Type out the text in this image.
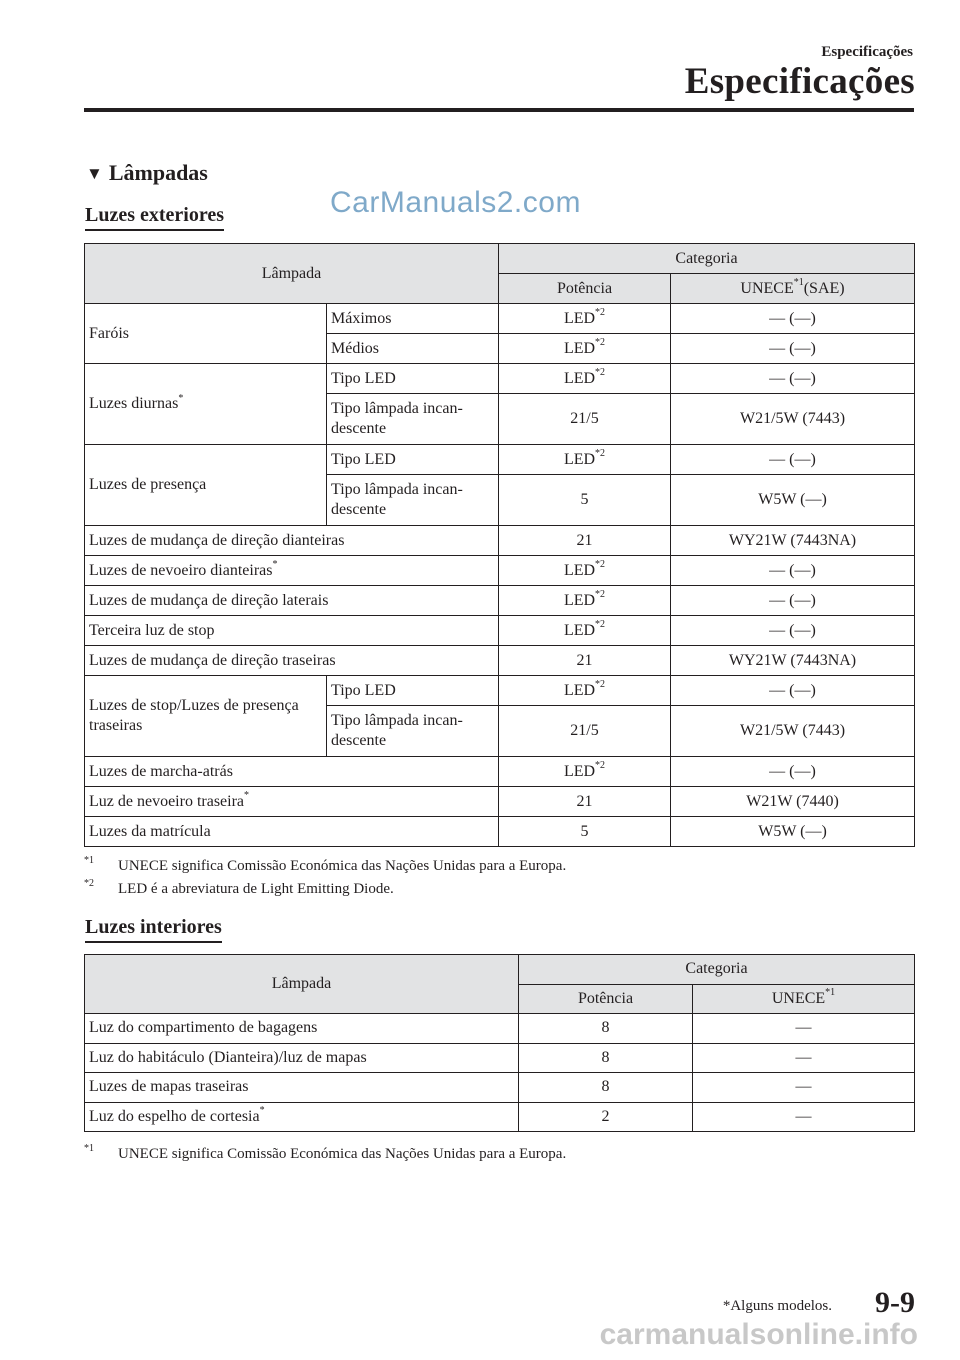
Especificações
Especificações
▼ Lâmpadas
Luzes exteriores	CarManuals2.com
Lâmpada		Categoria	
		Potência	UNECE$^{*1}$(SAE)
Faróis	Máximos	LED$^{*2}$	— (—)
	Médios	LED$^{*2}$	— (—)
Luzes diurnas*	Tipo LED	LED$^{*2}$	— (—)
	Tipo lâmpada incan-
descente	21/5	W21/5W (7443)
Luzes de presença	Tipo LED	LED$^{*2}$	— (—)
	Tipo lâmpada incan-
descente	5	W5W (—)
Luzes de mudança de direção dianteiras		21	WY21W (7443NA)
Luzes de nevoeiro dianteiras*		LED$^{*2}$	— (—)
Luzes de mudança de direção laterais		LED$^{*2}$	— (—)
Terceira luz de stop		LED$^{*2}$	— (—)
Luzes de mudança de direção traseiras		21	WY21W (7443NA)
Luzes de stop/Luzes de presença traseiras	Tipo LED	LED$^{*2}$	— (—)
	Tipo lâmpada incan-
descente	21/5	W21/5W (7443)
Luzes de marcha-atrás		LED$^{*2}$	— (—)
Luz de nevoeiro traseira*		21	W21W (7440)
Luzes da matrícula		5	W5W (—)
$^{*1}$ UNECE significa Comissão Económica das Nações Unidas para a Europa.
$^{*2}$ LED é a abreviatura de Light Emitting Diode.
Luzes interiores
Lâmpada	Categoria	
	Potência	UNECE$^{*1}$
Luz do compartimento de bagagens	8	—
Luz do habitáculo (Dianteira)/luz de mapas	8	—
Luzes de mapas traseiras	8	—
Luz do espelho de cortesia*	2	—
$^{*1}$ UNECE significa Comissão Económica das Nações Unidas para a Europa.
*Alguns modelos. 9-9
carmanualsonline.info
